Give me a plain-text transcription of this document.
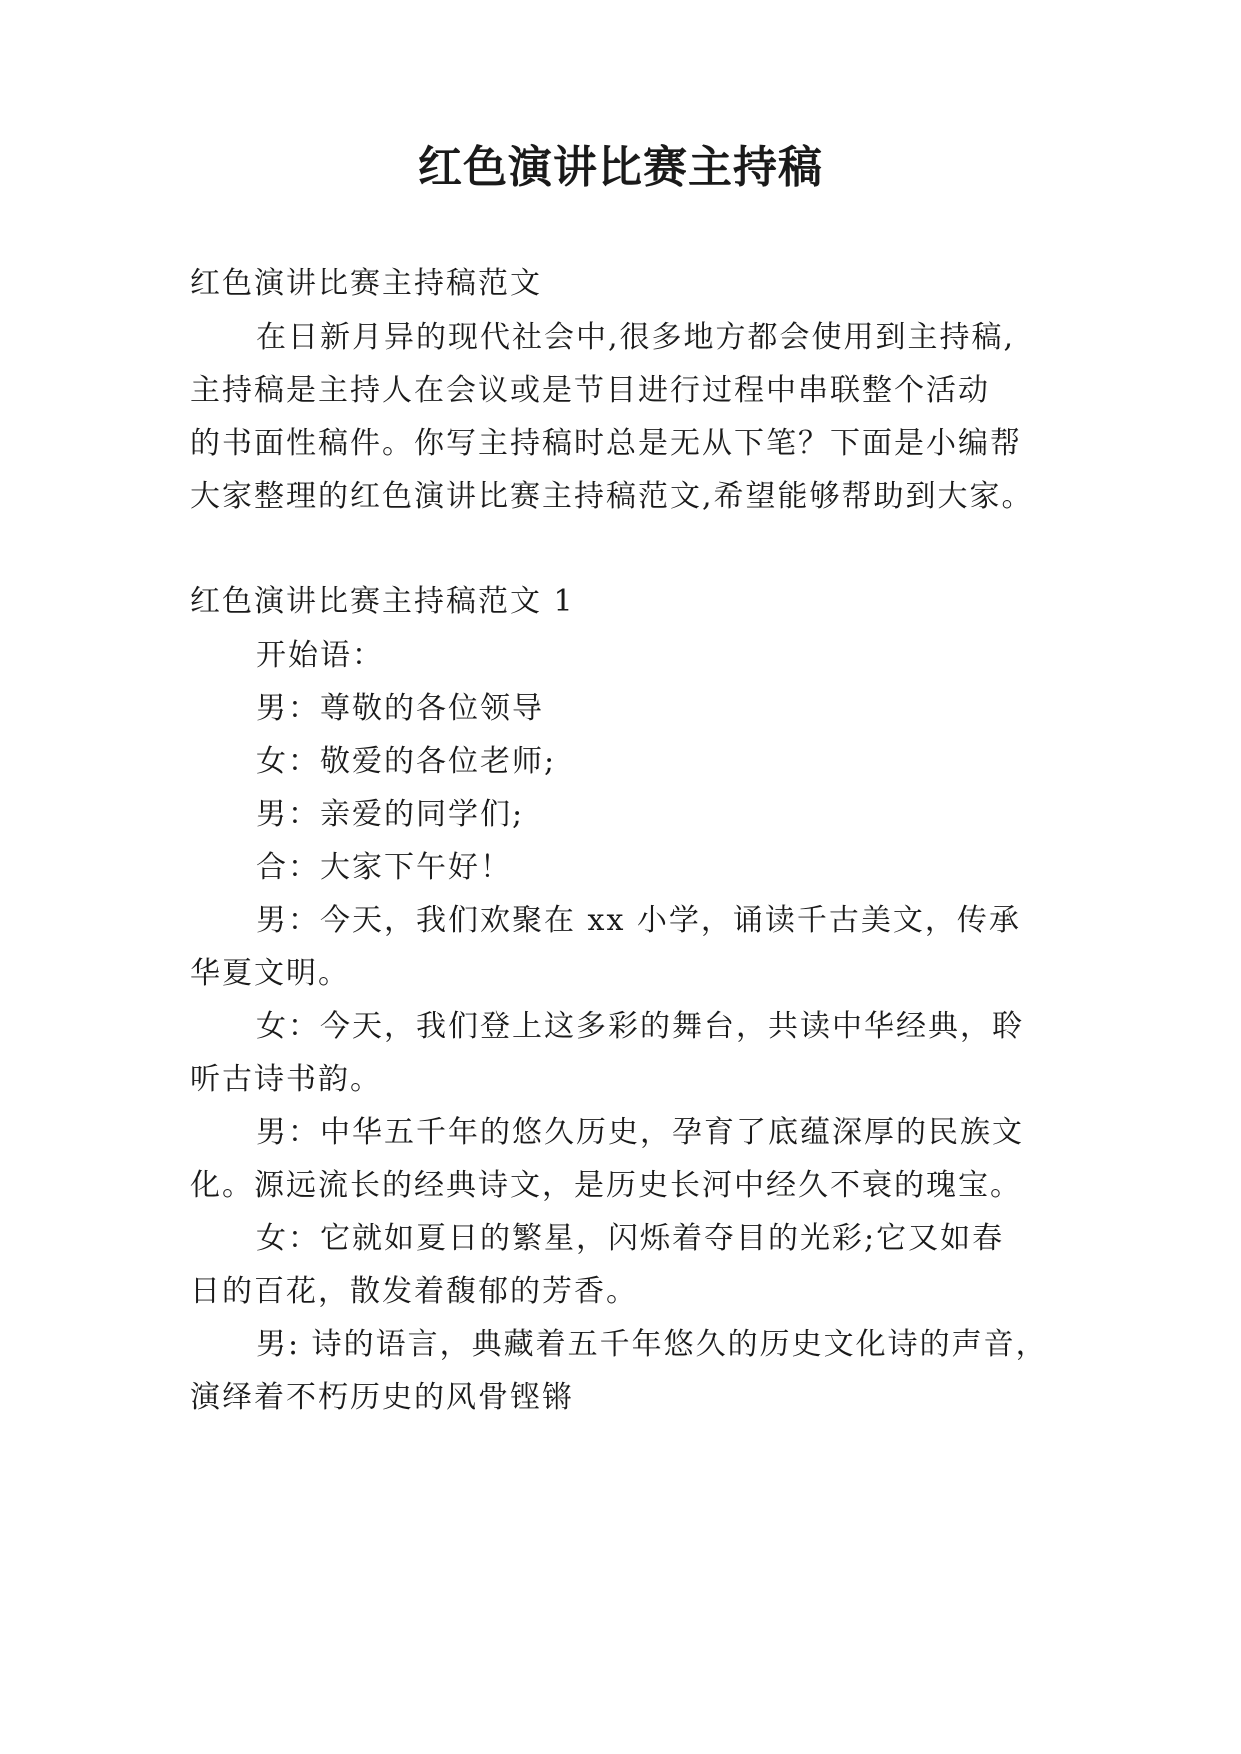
红色演讲比赛主持稿
红色演讲比赛主持稿范文
在日新月异的现代社会中,很多地方都会使用到主持稿,
主持稿是主持人在会议或是节目进行过程中串联整个活动
的书面性稿件。你写主持稿时总是无从下笔？下面是小编帮
大家整理的红色演讲比赛主持稿范文,希望能够帮助到大家。
红色演讲比赛主持稿范文 1
开始语：
男：尊敬的各位领导
女：敬爱的各位老师;
男：亲爱的同学们;
合：大家下午好！
男：今天，我们欢聚在 xx 小学，诵读千古美文，传承
华夏文明。
女：今天，我们登上这多彩的舞台，共读中华经典，聆
听古诗书韵。
男：中华五千年的悠久历史，孕育了底蕴深厚的民族文
化。源远流长的经典诗文，是历史长河中经久不衰的瑰宝。
女：它就如夏日的繁星，闪烁着夺目的光彩;它又如春
日的百花，散发着馥郁的芳香。
男: 诗的语言，典藏着五千年悠久的历史文化诗的声音，
演绎着不朽历史的风骨铿锵
